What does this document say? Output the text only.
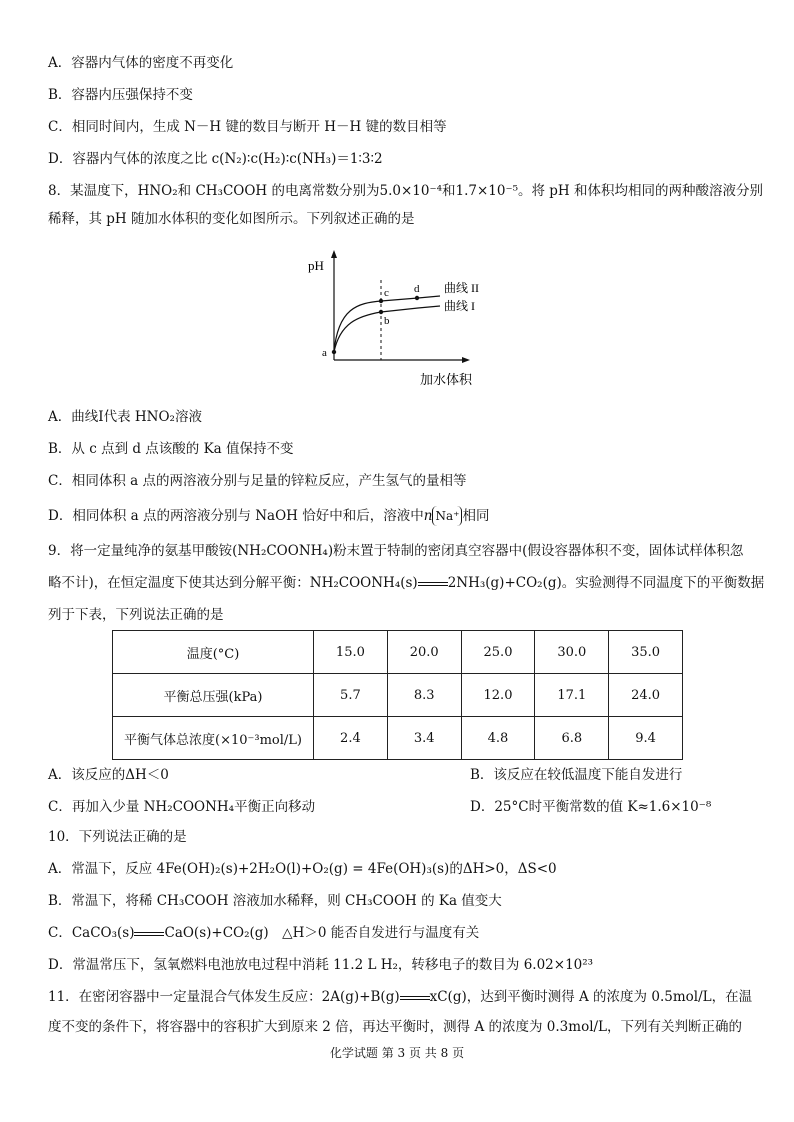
A．容器内气体的密度不再变化
B．容器内压强保持不变
C．相同时间内，生成 N－H 键的数目与断开 H－H 键的数目相等
D．容器内气体的浓度之比 c(N₂)∶c(H₂)∶c(NH₃)＝1∶3∶2
8．某温度下，HNO₂和 CH₃COOH 的电离常数分别为5.0×10⁻⁴和1.7×10⁻⁵。将 pH 和体积均相同的两种酸溶液分别
稀释，其 pH 随加水体积的变化如图所示。下列叙述正确的是
pH
加水体积
曲线 II
曲线 I
a
b
c d
A．曲线I代表 HNO₂溶液
B．从 c 点到 d 点该酸的 Ka 值保持不变
C．相同体积 a 点的两溶液分别与足量的锌粒反应，产生氢气的量相等
D．相同体积 a 点的两溶液分别与 NaOH 恰好中和后，溶液中n Na⁺ 相同
9．将一定量纯净的氨基甲酸铵(NH₂COONH₄)粉末置于特制的密闭真空容器中(假设容器体积不变，固体试样体积忽
略不计)，在恒定温度下使其达到分解平衡：NH₂COONH₄(s) 2NH₃(g)+CO₂(g)。实验测得不同温度下的平衡数据
列于下表，下列说法正确的是
温度(°C)	15.0	20.0	25.0	30.0	35.0
平衡总压强(kPa)	5.7	8.3	12.0	17.1	24.0
平衡气体总浓度(×10⁻³mol/L)	2.4	3.4	4.8	6.8	9.4
A．该反应的ΔH＜0	B．该反应在较低温度下能自发进行
C．再加入少量 NH₂COONH₄平衡正向移动	D．25°C时平衡常数的值 K≈1.6×10⁻⁸
10．下列说法正确的是
A．常温下，反应 4Fe(OH)₂(s)+2H₂O(l)+O₂(g) = 4Fe(OH)₃(s)的ΔH>0，ΔS<0
B．常温下，将稀 CH₃COOH 溶液加水稀释，则 CH₃COOH 的 Ka 值变大
C．CaCO₃(s) CaO(s)+CO₂(g)　△H＞0 能否自发进行与温度有关
D．常温常压下，氢氧燃料电池放电过程中消耗 11.2 L H₂，转移电子的数目为 6.02×10²³
11．在密闭容器中一定量混合气体发生反应：2A(g)+B(g) xC(g)，达到平衡时测得 A 的浓度为 0.5mol/L，在温
度不变的条件下，将容器中的容积扩大到原来 2 倍，再达平衡时，测得 A 的浓度为 0.3mol/L，下列有关判断正确的
化学试题 第 3 页 共 8 页
